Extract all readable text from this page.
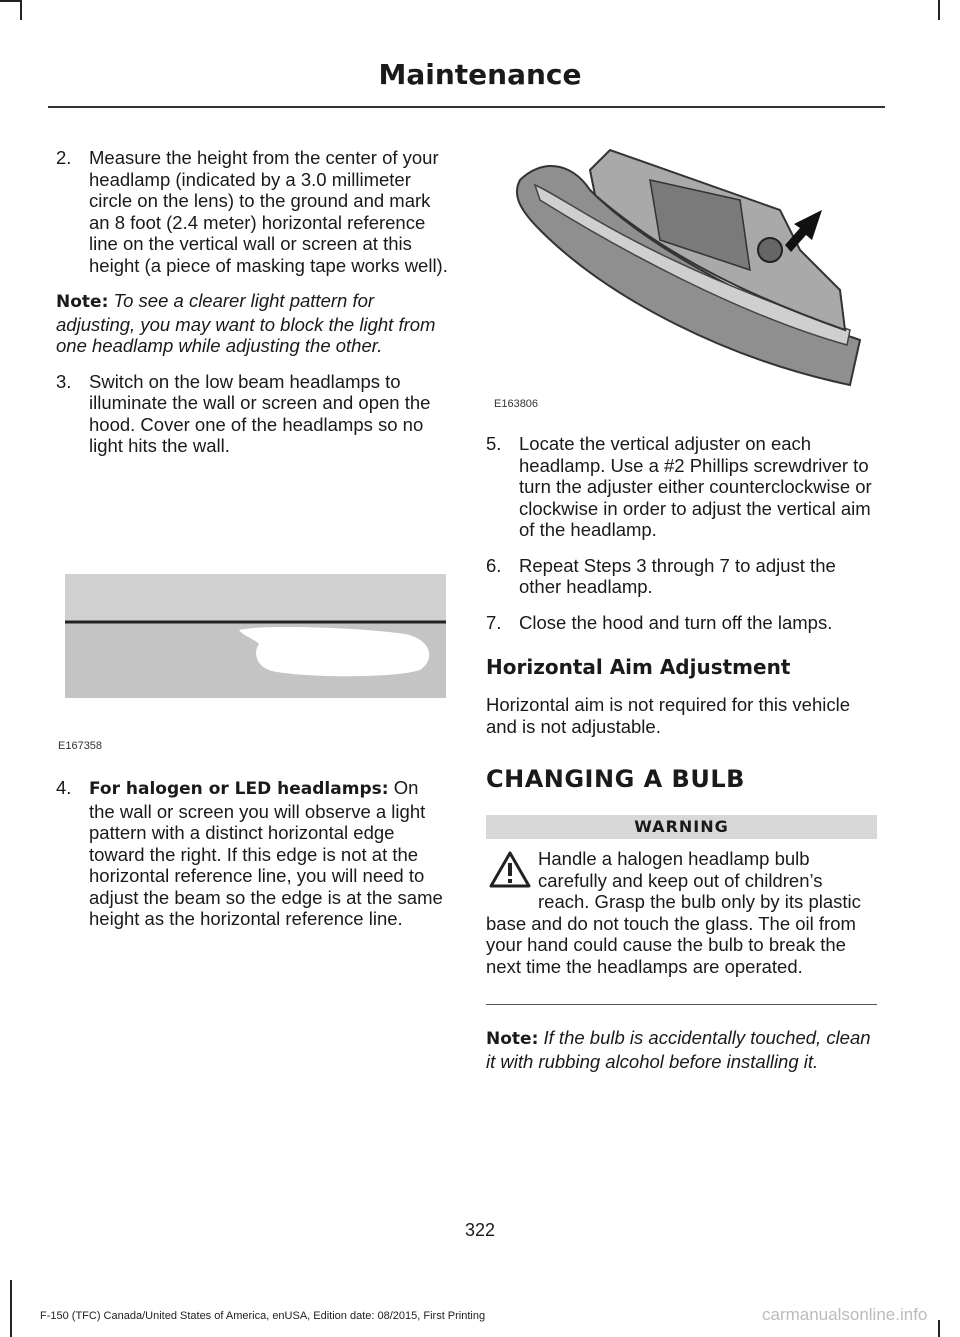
Maintenance
2. Measure the height from the center of your headlamp (indicated by a 3.0 millimeter circle on the lens) to the ground and mark an 8 foot (2.4 meter) horizontal reference line on the vertical wall or screen at this height (a piece of masking tape works well).
Note: To see a clearer light pattern for adjusting, you may want to block the light from one headlamp while adjusting the other.
3. Switch on the low beam headlamps to illuminate the wall or screen and open the hood. Cover one of the headlamps so no light hits the wall.
E167358
4.	For halogen or LED headlamps: On the wall or screen you will observe a light pattern with a distinct horizontal edge toward the right. If this edge is not at the horizontal reference line, you will need to adjust the beam so the edge is at the same height as the horizontal reference line.
E163806
5. Locate the vertical adjuster on each headlamp. Use a #2 Phillips screwdriver to turn the adjuster either counterclockwise or clockwise in order to adjust the vertical aim of the headlamp.
6. Repeat Steps 3 through 7 to adjust the other headlamp.
7. Close the hood and turn off the lamps.
Horizontal Aim Adjustment
Horizontal aim is not required for this vehicle and is not adjustable.
CHANGING A BULB
WARNING
Handle a halogen headlamp bulb carefully and keep out of children’s reach. Grasp the bulb only by its plastic base and do not touch the glass. The oil from your hand could cause the bulb to break the next time the headlamps are operated.
Note: If the bulb is accidentally touched, clean it with rubbing alcohol before installing it.
322
F-150 (TFC) Canada/United States of America, enUSA, Edition date: 08/2015, First Printing	carmanualsonline.info
